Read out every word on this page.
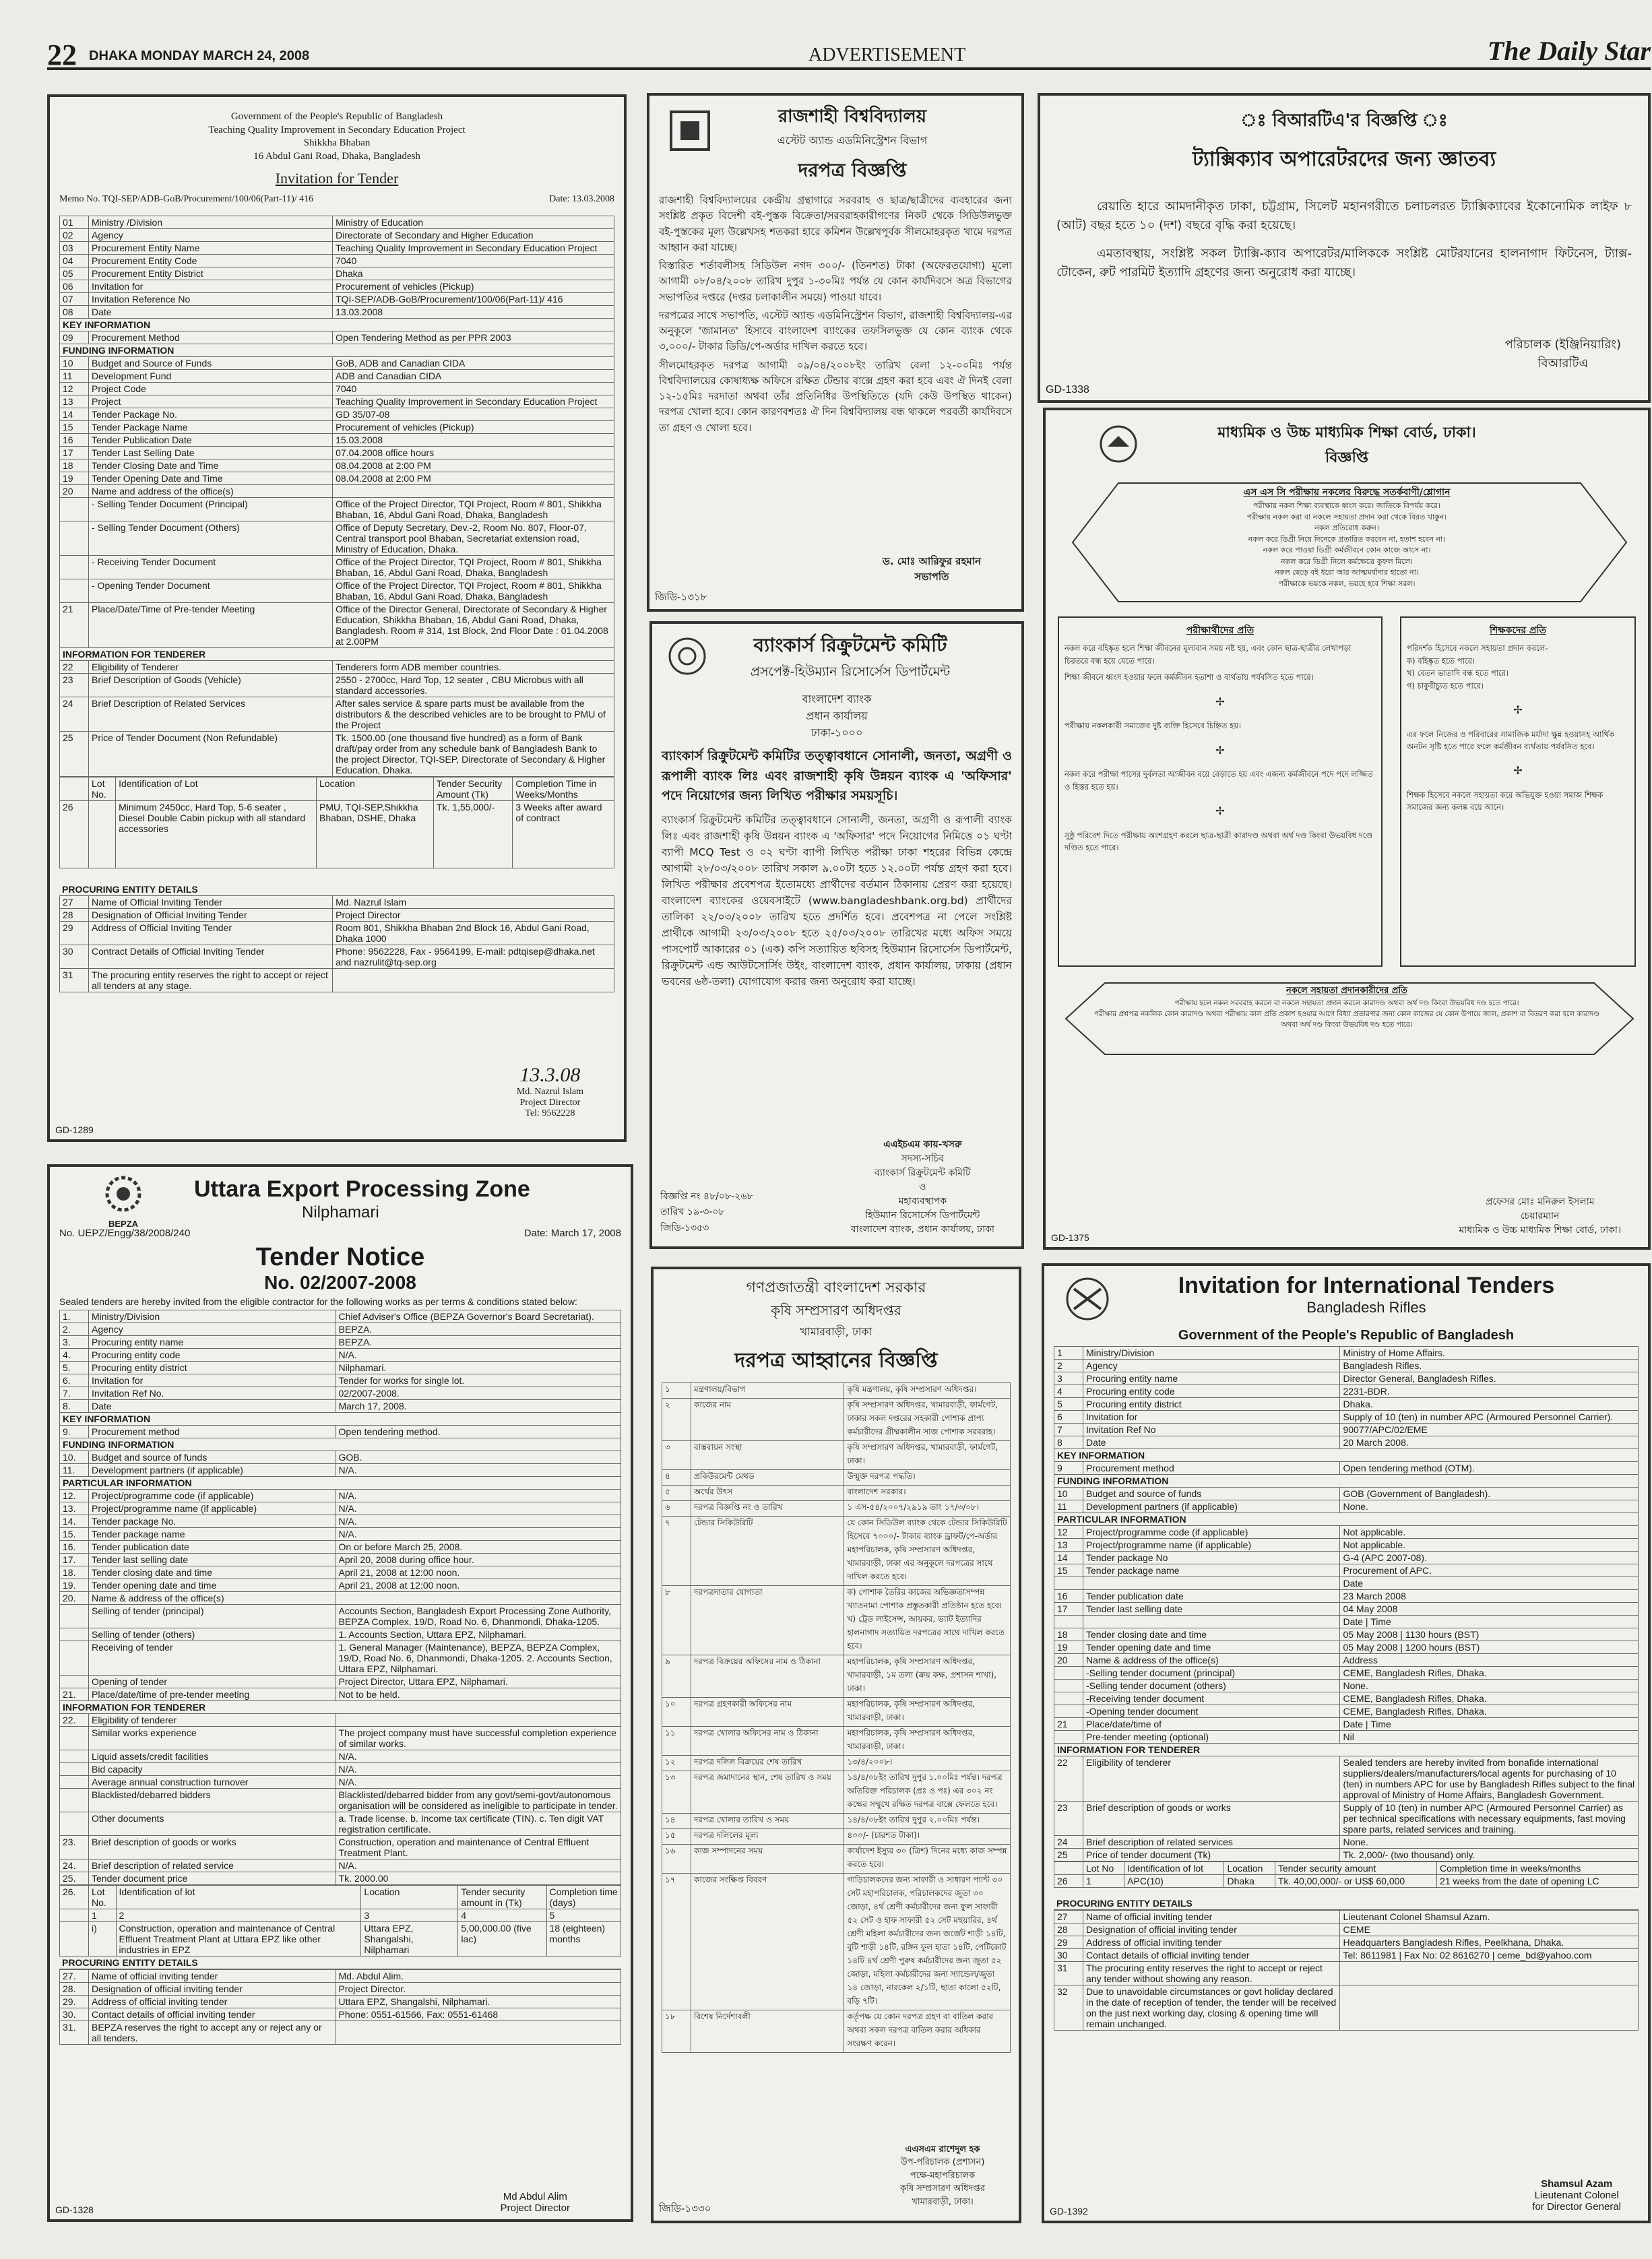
22 DHAKA MONDAY MARCH 24, 2008	ADVERTISEMENT	The Daily Star
Government of the People's Republic of Bangladesh
Teaching Quality Improvement in Secondary Education Project
Shikkha Bhaban
16 Abdul Gani Road, Dhaka, Bangladesh
Invitation for Tender
Memo No. TQI-SEP/ADB-GoB/Procurement/100/06(Part-11)/ 416	Date: 13.03.2008
01	Ministry /Division	Ministry of Education
02	Agency	Directorate of Secondary and Higher Education
03	Procurement Entity Name	Teaching Quality Improvement in Secondary Education Project
04	Procurement Entity Code	7040
05	Procurement Entity District	Dhaka
06	Invitation for	Procurement of vehicles (Pickup)
07	Invitation Reference No	TQI-SEP/ADB-GoB/Procurement/100/06(Part-11)/ 416
08	Date	13.03.2008
KEY INFORMATION		
09	Procurement Method	Open Tendering Method as per PPR 2003
FUNDING INFORMATION		
10	Budget and Source of Funds	GoB, ADB and Canadian CIDA
11	Development Fund	ADB and Canadian CIDA
12	Project Code	7040
13	Project	Teaching Quality Improvement in Secondary Education Project
14	Tender Package No.	GD 35/07-08
15	Tender Package Name	Procurement of vehicles (Pickup)
16	Tender Publication Date	15.03.2008
17	Tender Last Selling Date	07.04.2008 office hours
18	Tender Closing Date and Time	08.04.2008 at 2:00 PM
19	Tender Opening Date and Time	08.04.2008 at 2:00 PM
20	Name and address of the office(s)	
	- Selling Tender Document (Principal)	Office of the Project Director, TQI Project, Room # 801, Shikkha Bhaban, 16, Abdul Gani Road, Dhaka, Bangladesh
	- Selling Tender Document (Others)	Office of Deputy Secretary, Dev.-2, Room No. 807, Floor-07, Central transport pool Bhaban, Secretariat extension road, Ministry of Education, Dhaka.
	- Receiving Tender Document	Office of the Project Director, TQI Project, Room # 801, Shikkha Bhaban, 16, Abdul Gani Road, Dhaka, Bangladesh
	- Opening Tender Document	Office of the Project Director, TQI Project, Room # 801, Shikkha Bhaban, 16, Abdul Gani Road, Dhaka, Bangladesh
21	Place/Date/Time of Pre-tender Meeting	Office of the Director General, Directorate of Secondary & Higher Education, Shikkha Bhaban, 16, Abdul Gani Road, Dhaka, Bangladesh. Room # 314, 1st Block, 2nd Floor Date : 01.04.2008 at 2.00PM
INFORMATION FOR TENDERER		
22	Eligibility of Tenderer	Tenderers form ADB member countries.
23	Brief Description of Goods (Vehicle)	2550 - 2700cc, Hard Top, 12 seater , CBU Microbus with all standard accessories.
24	Brief Description of Related Services	After sales service & spare parts must be available from the distributors & the described vehicles are to be brought to PMU of the Project
25	Price of Tender Document (Non Refundable)	Tk. 1500.00 (one thousand five hundred) as a form of Bank draft/pay order from any schedule bank of Bangladesh Bank to the project Director, TQI-SEP, Directorate of Secondary & Higher Education, Dhaka.
	Lot No.	Identification of Lot	Location	Tender Security Amount (Tk)	Completion Time in Weeks/Months
26		Minimum 2450cc, Hard Top, 5-6 seater , Diesel Double Cabin pickup with all standard accessories	PMU, TQI-SEP,Shikkha Bhaban, DSHE, Dhaka	Tk. 1,55,000/-	3 Weeks after award of contract
PROCURING ENTITY DETAILS
27	Name of Official Inviting Tender	Md. Nazrul Islam
28	Designation of Official Inviting Tender	Project Director
29	Address of Official Inviting Tender	Room 801, Shikkha Bhaban 2nd Block 16, Abdul Gani Road, Dhaka 1000
30	Contract Details of Official Inviting Tender	Phone: 9562228, Fax - 9564199, E-mail: pdtqisep@dhaka.net and nazrulit@tq-sep.org
31	The procuring entity reserves the right to accept or reject all tenders at any stage.	
13.3.08
Md. Nazrul Islam
Project Director
Tel: 9562228
GD-1289
BEPZA
Uttara Export Processing Zone
Nilphamari
No. UEPZ/Engg/38/2008/240	Date: March 17, 2008
Tender Notice
No. 02/2007-2008
Sealed tenders are hereby invited from the eligible contractor for the following works as per terms & conditions stated below:
1.	Ministry/Division	Chief Adviser's Office (BEPZA Governor's Board Secretariat).
2.	Agency	BEPZA.
3.	Procuring entity name	BEPZA.
4.	Procuring entity code	N/A.
5.	Procuring entity district	Nilphamari.
6.	Invitation for	Tender for works for single lot.
7.	Invitation Ref No.	02/2007-2008.
8.	Date	March 17, 2008.
KEY INFORMATION		
9.	Procurement method	Open tendering method.
FUNDING INFORMATION		
10.	Budget and source of funds	GOB.
11.	Development partners (if applicable)	N/A.
PARTICULAR INFORMATION		
12.	Project/programme code (if applicable)	N/A.
13.	Project/programme name (if applicable)	N/A.
14.	Tender package No.	N/A.
15.	Tender package name	N/A.
16.	Tender publication date	On or before March 25, 2008.
17.	Tender last selling date	April 20, 2008 during office hour.
18.	Tender closing date and time	April 21, 2008 at 12:00 noon.
19.	Tender opening date and time	April 21, 2008 at 12:00 noon.
20.	Name & address of the office(s)	
	Selling of tender (principal)	Accounts Section, Bangladesh Export Processing Zone Authority, BEPZA Complex, 19/D, Road No. 6, Dhanmondi, Dhaka-1205.
	Selling of tender (others)	1. Accounts Section, Uttara EPZ, Nilphamari.
	Receiving of tender	1. General Manager (Maintenance), BEPZA, BEPZA Complex, 19/D, Road No. 6, Dhanmondi, Dhaka-1205. 2. Accounts Section, Uttara EPZ, Nilphamari.
	Opening of tender	Project Director, Uttara EPZ, Nilphamari.
21.	Place/date/time of pre-tender meeting	Not to be held.
INFORMATION FOR TENDERER		
22.	Eligibility of tenderer	
	Similar works experience	The project company must have successful completion experience of similar works.
	Liquid assets/credit facilities	N/A.
	Bid capacity	N/A.
	Average annual construction turnover	N/A.
	Blacklisted/debarred bidders	Blacklisted/debarred bidder from any govt/semi-govt/autonomous organisation will be considered as ineligible to participate in tender.
	Other documents	a. Trade license. b. Income tax certificate (TIN). c. Ten digit VAT registration certificate.
23.	Brief description of goods or works	Construction, operation and maintenance of Central Effluent Treatment Plant.
24.	Brief description of related service	N/A.
25.	Tender document price	Tk. 2000.00
26.	Lot No.	Identification of lot	Location	Tender security amount in (Tk)	Completion time (days)
	1	2	3	4	5
	i)	Construction, operation and maintenance of Central Effluent Treatment Plant at Uttara EPZ like other industries in EPZ	Uttara EPZ, Shangalshi, Nilphamari	5,00,000.00 (five lac)	18 (eighteen) months
PROCURING ENTITY DETAILS
27.	Name of official inviting tender	Md. Abdul Alim.
28.	Designation of official inviting tender	Project Director.
29.	Address of official inviting tender	Uttara EPZ, Shangalshi, Nilphamari.
30.	Contact details of official inviting tender	Phone: 0551-61566, Fax: 0551-61468
31.	BEPZA reserves the right to accept any or reject any or all tenders.	
Md Abdul Alim
Project Director
GD-1328
রাজশাহী বিশ্ববিদ্যালয়
এস্টেট অ্যান্ড এডমিনিস্ট্রেশন বিভাগ
দরপত্র বিজ্ঞপ্তি

রাজশাহী বিশ্ববিদ্যালয়ের কেন্দ্রীয় গ্রন্থাগারে সরবরাহ ও ছাত্র/ছাত্রীদের ব্যবহারের জন্য সংশ্লিষ্ট প্রকৃত বিদেশী বই-পুস্তক বিক্রেতা/সরবরাহকারীগণের নিকট থেকে সিডিউলভুক্ত বই-পুস্তকের মূল্য উল্লেখসহ শতকরা হারে কমিশন উল্লেখপূর্বক সীলমোহরকৃত খামে দরপত্র আহ্বান করা যাচ্ছে।

বিস্তারিত শর্তাবলীসহ সিডিউল নগদ ৩০০/- (তিনশত) টাকা (অফেরতযোগ্য) মূল্যে আগামী ০৮/০৪/২০০৮ তারিখ দুপুর ১-৩০মিঃ পর্যন্ত যে কোন কার্যদিবসে অত্র বিভাগের সভাপতির দপ্তরে (দপ্তর চলাকালীন সময়ে) পাওয়া যাবে।

দরপত্রের সাথে সভাপতি, এস্টেট অ্যান্ড এডমিনিস্ট্রেশন বিভাগ, রাজশাহী বিশ্ববিদ্যালয়-এর অনুকূলে 'জামানত' হিসাবে বাংলাদেশ ব্যাংকের তফসিলভুক্ত যে কোন ব্যাংক থেকে ৩,০০০/- টাকার ডিডি/পে-অর্ডার দাখিল করতে হবে।

সীলমোহরকৃত দরপত্র আগামী ০৯/০৪/২০০৮ইং তারিখ বেলা ১২-০০মিঃ পর্যন্ত বিশ্ববিদ্যালয়ের কোষাধ্যক্ষ অফিসে রক্ষিত টেন্ডার বাক্সে গ্রহণ করা হবে এবং ঐ দিনই বেলা ১২-১৫মিঃ দরদাতা অথবা তাঁর প্রতিনিধির উপস্থিতিতে (যদি কেউ উপস্থিত থাকেন) দরপত্র খোলা হবে। কোন কারণবশতঃ ঐ দিন বিশ্ববিদ্যালয় বন্ধ থাকলে পরবর্তী কার্যদিবসে তা গ্রহণ ও খোলা হবে।

ড. মোঃ আরিফুর রহমান
সভাপতি
জিডি-১৩১৮
ব্যাংকার্স রিক্রুটমেন্ট কমিটি
প্রসপেক্ট-হিউম্যান রিসোর্সেস ডিপার্টমেন্ট
বাংলাদেশ ব্যাংক
প্রধান কার্যালয়
ঢাকা-১০০০
ব্যাংকার্স রিক্রুটমেন্ট কমিটির তত্ত্বাবধানে সোনালী, জনতা, অগ্রণী ও রূপালী ব্যাংক লিঃ এবং রাজশাহী কৃষি উন্নয়ন ব্যাংক এ 'অফিসার' পদে নিয়োগের জন্য লিখিত পরীক্ষার সময়সূচি।
ব্যাংকার্স রিক্রুটমেন্ট কমিটির তত্ত্বাবধানে সোনালী, জনতা, অগ্রণী ও রূপালী ব্যাংক লিঃ এবং রাজশাহী কৃষি উন্নয়ন ব্যাংক এ 'অফিসার' পদে নিয়োগের নিমিত্তে ০১ ঘণ্টা ব্যাপী MCQ Test ও ০২ ঘণ্টা ব্যাপী লিখিত পরীক্ষা ঢাকা শহরের বিভিন্ন কেন্দ্রে আগামী ২৮/০৩/২০০৮ তারিখ সকাল ৯.০০টা হতে ১২.০০টা পর্যন্ত গ্রহণ করা হবে। লিখিত পরীক্ষার প্রবেশপত্র ইতোমধ্যে প্রার্থীদের বর্তমান ঠিকানায় প্রেরণ করা হয়েছে। বাংলাদেশ ব্যাংকের ওয়েবসাইটে (www.bangladeshbank.org.bd) প্রার্থীদের তালিকা ২২/০৩/২০০৮ তারিখ হতে প্রদর্শিত হবে। প্রবেশপত্র না পেলে সংশ্লিষ্ট প্রার্থীকে আগামী ২৩/০৩/২০০৮ হতে ২৫/০৩/২০০৮ তারিখের মধ্যে অফিস সময়ে পাসপোর্ট আকারের ০১ (এক) কপি সত্যায়িত ছবিসহ হিউম্যান রিসোর্সেস ডিপার্টমেন্ট, রিক্রুটমেন্ট এন্ড আউটসোর্সিং উইং, বাংলাদেশ ব্যাংক, প্রধান কার্যালয়, ঢাকায় (প্রধান ভবনের ৬ষ্ঠ-তলা) যোগাযোগ করার জন্য অনুরোধ করা যাচ্ছে।
এএইচএম কায়-খসরু
সদস্য-সচিব
ব্যাংকার্স রিক্রুটমেন্ট কমিটি
ও
মহাব্যবস্থাপক
হিউম্যান রিসোর্সেস ডিপার্টমেন্ট
বাংলাদেশ ব্যাংক, প্রধান কার্যালয়, ঢাকা
বিজ্ঞপ্তি নং ৪৮/০৮-২৬৮
তারিখ ১৯-৩-০৮
জিডি-১৩৫৩
গণপ্রজাতন্ত্রী বাংলাদেশ সরকার
কৃষি সম্প্রসারণ অধিদপ্তর
খামারবাড়ী, ঢাকা
দরপত্র আহ্বানের বিজ্ঞপ্তি
১	মন্ত্রণালয়/বিভাগ	কৃষি মন্ত্রণালয়, কৃষি সম্প্রসারণ অধিদপ্তর।
২	কাজের নাম	কৃষি সম্প্রসারণ অধিদপ্তর, খামারবাড়ী, ফার্মগেট, ঢাকার সকল দপ্তরের সহকারী পোশাক প্রাপ্য কর্মচারীদের গ্রীষ্মকালীন সাজ পোশাক সরবরাহ।
৩	বাস্তবায়ন সংস্থা	কৃষি সম্প্রসারণ অধিদপ্তর, খামারবাড়ী, ফার্মগেট, ঢাকা।
৪	প্রকিউরমেন্ট মেথড	উন্মুক্ত দরপত্র পদ্ধতি।
৫	অর্থের উৎস	বাংলাদেশ সরকার।
৬	দরপত্র বিজ্ঞপ্তি নং ও তারিখ	১ এস-৫৪/২০০৭/২৯১৯ তাং ১৭/৩/০৮।
৭	টেন্ডার সিকিউরিটি	যে কোন সিডিউল ব্যাংক থেকে টেন্ডার সিকিউরিটি হিসেবে ৭০০০/- টাকার ব্যাংক ড্রাফট/পে-অর্ডার মহাপরিচালক, কৃষি সম্প্রসারণ অধিদপ্তর, খামারবাড়ী, ঢাকা এর অনুকূলে দরপত্রের সাথে দাখিল করতে হবে।
৮	দরপত্রদাতার যোগ্যতা	ক) পোশাক তৈরির কাজের অভিজ্ঞতাসম্পন্ন খ্যাতনামা পোশাক প্রস্তুতকারী প্রতিষ্ঠান হতে হবে। খ) ট্রেড লাইসেন্স, আয়কর, ভ্যাট ইত্যাদির হালনাগাদ সত্যায়িত দরপত্রের সাথে দাখিল করতে হবে।
৯	দরপত্র বিক্রয়ের অফিসের নাম ও ঠিকানা	মহাপরিচালক, কৃষি সম্প্রসারণ অধিদপ্তর, খামারবাড়ী, ১ম তলা (ক্রয় কক্ষ, প্রশাসন শাখা), ঢাকা।
১০	দরপত্র গ্রহণকারী অফিসের নাম	মহাপরিচালক, কৃষি সম্প্রসারণ অধিদপ্তর, খামারবাড়ী, ঢাকা।
১১	দরপত্র খোলার অফিসের নাম ও ঠিকানা	মহাপরিচালক, কৃষি সম্প্রসারণ অধিদপ্তর, খামারবাড়ী, ঢাকা।
১২	দরপত্র দলিল বিক্রয়ের শেষ তারিখ	১৩/৪/২০০৮।
১৩	দরপত্র জমাদানের স্থান, শেষ তারিখ ও সময়	১৪/৪/০৮ইং তারিখ দুপুর ১.০০মিঃ পর্যন্ত। দরপত্র অতিরিক্ত পরিচালক (প্রঃ ও পঃ) এর ৩০২ নং কক্ষের সম্মুখে রক্ষিত দরপত্র বাক্সে ফেলতে হবে।
১৪	দরপত্র খোলার তারিখ ও সময়	১৪/৪/০৮ইং তারিখ দুপুর ২.০০মিঃ পর্যন্ত।
১৫	দরপত্র দলিলের মূল্য	৪০০/- (চারশত টাকা)।
১৬	কাজ সম্পাদনের সময়	কার্যাদেশ ইস্যুর ৩০ (ত্রিশ) দিনের মধ্যে কাজ সম্পন্ন করতে হবে।
১৭	কাজের সংক্ষিপ্ত বিবরণ	গাড়িচালকদের জন্য সাফারী ও সাধারণ প্যান্ট ৩০ সেট মহাপরিচালক, পরিচালকদের জুতা ৩০ জোড়া, ৪র্থ শ্রেণী কর্মচারীদের জন্য ফুল সাফারী ৫২ সেট ও হাফ সাফারী ৫২ সেট মহুয়ারির, ৪র্থ শ্রেণী মহিলা কর্মচারীদের জন্য জর্জেট শাড়ী ১৪টি, বুটি শাড়ী ১৪টি, রঙ্গিন ফুল হাতা ১৪টি, পেটিকোট ১৪টি ৪র্থ শ্রেণী পুরুষ কর্মচারীদের জন্য জুতা ৫২ জোড়া, মহিলা কর্মচারীদের জন্য স্যান্ডেল/জুতা ১৪ জোড়া, নারকেল ২/১টি, ছাতা কালো ৫২টি, বড়ি ৭টি।
১৮	বিশেষ নির্দেশাবলী	কর্তৃপক্ষ যে কোন দরপত্র গ্রহণ বা বাতিল করার অথবা সকল দরপত্র বাতিল করার অধিকার সংরক্ষণ করেন।
এএসএম রাশেদুল হক
উপ-পরিচালক (প্রশাসন)
পক্ষে-মহাপরিচালক
কৃষি সম্প্রসারণ অধিদপ্তর
খামারবাড়ী, ঢাকা।
জিডি-১৩৩০
ঃ বিআরটিএ'র বিজ্ঞপ্তি ঃ
ট্যাক্সিক্যাব অপারেটরদের জন্য জ্ঞাতব্য
রেয়াতি হারে আমদানীকৃত ঢাকা, চট্টগ্রাম, সিলেট মহানগরীতে চলাচলরত ট্যাক্সিক্যাবের ইকোনোমিক লাইফ ৮ (আট) বছর হতে ১০ (দশ) বছরে বৃদ্ধি করা হয়েছে।
এমতাবস্থায়, সংশ্লিষ্ট সকল ট্যাক্সি-ক্যাব অপারেটর/মালিককে সংশ্লিষ্ট মোটরযানের হালনাগাদ ফিটনেস, ট্যাক্স-টোকেন, রুট পারমিট ইত্যাদি গ্রহণের জন্য অনুরোধ করা যাচ্ছে।
পরিচালক (ইঞ্জিনিয়ারিং)
বিআরটিএ
GD-1338
মাধ্যমিক ও উচ্চ মাধ্যমিক শিক্ষা বোর্ড, ঢাকা।
বিজ্ঞপ্তি
এস এস সি পরীক্ষায় নকলের বিরুদ্ধে সতর্কবাণী/শ্লোগান
পরীক্ষায় নকল শিক্ষা ব্যবস্থাকে ধ্বংস করে। জাতিকে বিপর্যয় করে।
পরীক্ষায় নকল করা বা নকলে সহায়তা প্রদান করা থেকে বিরত থাকুন।
নকল প্রতিরোধ করুন।
নকল করে ডিগ্রী নিয়ে দিনেকে প্রতারিত করবেন না, হতাশ হবেন না।
নকল করে পাওয়া ডিগ্রী কর্মজীবনে কোন কাজে আসে না।
নকল করে ডিগ্রী নিলে কর্মক্ষেত্রে কুফল মিলে।
নকল ছেড়ে বই ধরো আর আত্মমর্যাদার হাতো না।
পরীক্ষাকে ভয়কে নকল, ভয়হে হবে শিক্ষা সরল।
পরীক্ষার্থীদের প্রতি
নকল করে বহিষ্কৃত হলে শিক্ষা জীবনের মূল্যবান সময় নষ্ট হয়, এবং কোন ছাত্র-ছাত্রীর লেখাপড়া চিরতরে বন্ধ হয়ে যেতে পারে।
শিক্ষা জীবনে ধ্বংস হওয়ার ফলে কর্মজীবন হতাশা ও ব্যর্থতায় পর্যবসিত হতে পারে।
✢
পরীক্ষায় নকলকারী সমাজের দুষ্ট ব্যক্তি হিসেবে চিহ্নিত হয়।
✢
নকল করে পরীক্ষা পাসের দুর্বলতা আজীবন বয়ে বেড়াতে হয় এবং এজন্য কর্মজীবনে পদে পদে লজ্জিত ও হিস্তর হতে হয়।
✢
সুষ্ঠু পরিবেশ দিতে পরীক্ষায় অংশগ্রহণ করলে ছাত্র-ছাত্রী কারাদণ্ড অথবা অর্থ দণ্ড কিংবা উভয়বিধ দণ্ডে দণ্ডিত হতে পারে।
শিক্ষকদের প্রতি
পরিদর্শক হিসেবে নকলে সহায়তা প্রদান করলে-
ক) বহিষ্কৃত হতে পারে।
খ) বেতন ভাতাদি বন্ধ হতে পারে।
গ) চাকুরীচ্যুত হতে পারে।
✢
এর ফলে নিজের ও পরিবারের সামাজিক মর্যাদা ক্ষুন্ন হওয়াসহ আর্থিক অনটন সৃষ্টি হতে পারে ফলে কর্মজীবন ব্যর্থতায় পর্যবসিত হবে।
✢
শিক্ষক হিসেবে নকলে সহায়তা করে অভিযুক্ত হওয়া সমাজ শিক্ষক সমাজের জন্য কলঙ্ক বয়ে আনে।
নকলে সহায়তা প্রদানকারীদের প্রতি
পরীক্ষায় হলে নকল সরবরাহ করলে বা নকলে সহায়তা প্রদান করলে কারাদণ্ড অথবা অর্থ দণ্ড কিংবা উভয়বিধ দণ্ড হতে পারে।
পরীক্ষার প্রশ্নপত্র নকলিক কোন কারাদণ্ড অথবা পরীক্ষায় কাল প্রতি প্রকাশ হওয়ার আগে বিধ্যা প্রতারণার জন্য কোন কাজের যে কোন উপায়ে জাল, প্রকাশ বা বিতরণ করা হলে কারাদণ্ড অথবা অর্থ দণ্ড কিংবা উভয়বিধ দণ্ড হতে পারে।
প্রফেসর মোঃ মনিরুল ইসলাম
চেয়ারম্যান
মাধ্যমিক ও উচ্চ মাধ্যমিক শিক্ষা বোর্ড, ঢাকা।
GD-1375
Invitation for International Tenders
Bangladesh Rifles
Government of the People's Republic of Bangladesh
1	Ministry/Division	Ministry of Home Affairs.
2	Agency	Bangladesh Rifles.
3	Procuring entity name	Director General, Bangladesh Rifles.
4	Procuring entity code	2231-BDR.
5	Procuring entity district	Dhaka.
6	Invitation for	Supply of 10 (ten) in number APC (Armoured Personnel Carrier).
7	Invitation Ref No	90077/APC/02/EME
8	Date	20 March 2008.
KEY INFORMATION		
9	Procurement method	Open tendering method (OTM).
FUNDING INFORMATION		
10	Budget and source of funds	GOB (Government of Bangladesh).
11	Development partners (if applicable)	None.
PARTICULAR INFORMATION		
12	Project/programme code (if applicable)	Not applicable.
13	Project/programme name (if applicable)	Not applicable.
14	Tender package No	G-4 (APC 2007-08).
15	Tender package name	Procurement of APC.
		Date
16	Tender publication date	23 March 2008
17	Tender last selling date	04 May 2008
		Date | Time
18	Tender closing date and time	05 May 2008 | 1130 hours (BST)
19	Tender opening date and time	05 May 2008 | 1200 hours (BST)
20	Name & address of the office(s)	Address
	-Selling tender document (principal)	CEME, Bangladesh Rifles, Dhaka.
	-Selling tender document (others)	None.
	-Receiving tender document	CEME, Bangladesh Rifles, Dhaka.
	-Opening tender document	CEME, Bangladesh Rifles, Dhaka.
21	Place/date/time of	Date | Time
	Pre-tender meeting (optional)	Nil
INFORMATION FOR TENDERER		
22	Eligibility of tenderer	Sealed tenders are hereby invited from bonafide international suppliers/dealers/manufacturers/local agents for purchasing of 10 (ten) in numbers APC for use by Bangladesh Rifles subject to the final approval of Ministry of Home Affairs, Bangladesh Government.
23	Brief description of goods or works	Supply of 10 (ten) in number APC (Armoured Personnel Carrier) as per technical specifications with necessary equipments, fast moving spare parts, related services and training.
24	Brief description of related services	None.
25	Price of tender document (Tk)	Tk. 2,000/- (two thousand) only.
	Lot No	Identification of lot	Location	Tender security amount	Completion time in weeks/months
26	1	APC(10)	Dhaka	Tk. 40,00,000/- or US$ 60,000	21 weeks from the date of opening LC
PROCURING ENTITY DETAILS
27	Name of official inviting tender	Lieutenant Colonel Shamsul Azam.
28	Designation of official inviting tender	CEME
29	Address of official inviting tender	Headquarters Bangladesh Rifles, Peelkhana, Dhaka.
30	Contact details of official inviting tender	Tel: 8611981 | Fax No: 02 8616270 | ceme_bd@yahoo.com
31	The procuring entity reserves the right to accept or reject any tender without showing any reason.	
32	Due to unavoidable circumstances or govt holiday declared in the date of reception of tender, the tender will be received on the just next working day, closing & opening time will remain unchanged.	
Shamsul Azam
Lieutenant Colonel
for Director General
GD-1392
